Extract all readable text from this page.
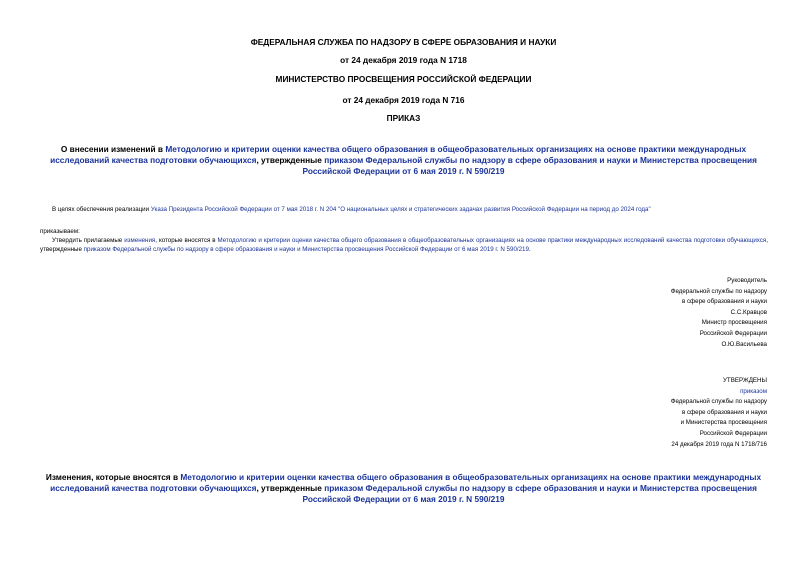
ФЕДЕРАЛЬНАЯ СЛУЖБА ПО НАДЗОРУ В СФЕРЕ ОБРАЗОВАНИЯ И НАУКИ
от 24 декабря 2019 года N 1718
МИНИСТЕРСТВО ПРОСВЕЩЕНИЯ РОССИЙСКОЙ ФЕДЕРАЦИИ
от 24 декабря 2019 года N 716
ПРИКАЗ
О внесении изменений в Методологию и критерии оценки качества общего образования в общеобразовательных организациях на основе практики международных исследований качества подготовки обучающихся, утвержденные приказом Федеральной службы по надзору в сфере образования и науки и Министерства просвещения Российской Федерации от 6 мая 2019 г. N 590/219
В целях обеспечения реализации Указа Президента Российской Федерации от 7 мая 2018 г. N 204 "О национальных целях и стратегических задачах развития Российской Федерации на период до 2024 года"
приказываем:
Утвердить прилагаемые изменения, которые вносятся в Методологию и критерии оценки качества общего образования в общеобразовательных организациях на основе практики международных исследований качества подготовки обучающихся, утвержденные приказом Федеральной службы по надзору в сфере образования и науки и Министерства просвещения Российской Федерации от 6 мая 2019 г. N 590/219.
Руководитель
Федеральной службы по надзору
в сфере образования и науки
С.С.Кравцов
Министр просвещения
Российской Федерации
О.Ю.Васильева
УТВЕРЖДЕНЫ
приказом
Федеральной службы по надзору
в сфере образования и науки
и Министерства просвещения
Российской Федерации
24 декабря 2019 года N 1718/716
Изменения, которые вносятся в Методологию и критерии оценки качества общего образования в общеобразовательных организациях на основе практики международных исследований качества подготовки обучающихся, утвержденные приказом Федеральной службы по надзору в сфере образования и науки и Министерства просвещения Российской Федерации от 6 мая 2019 г. N 590/219
